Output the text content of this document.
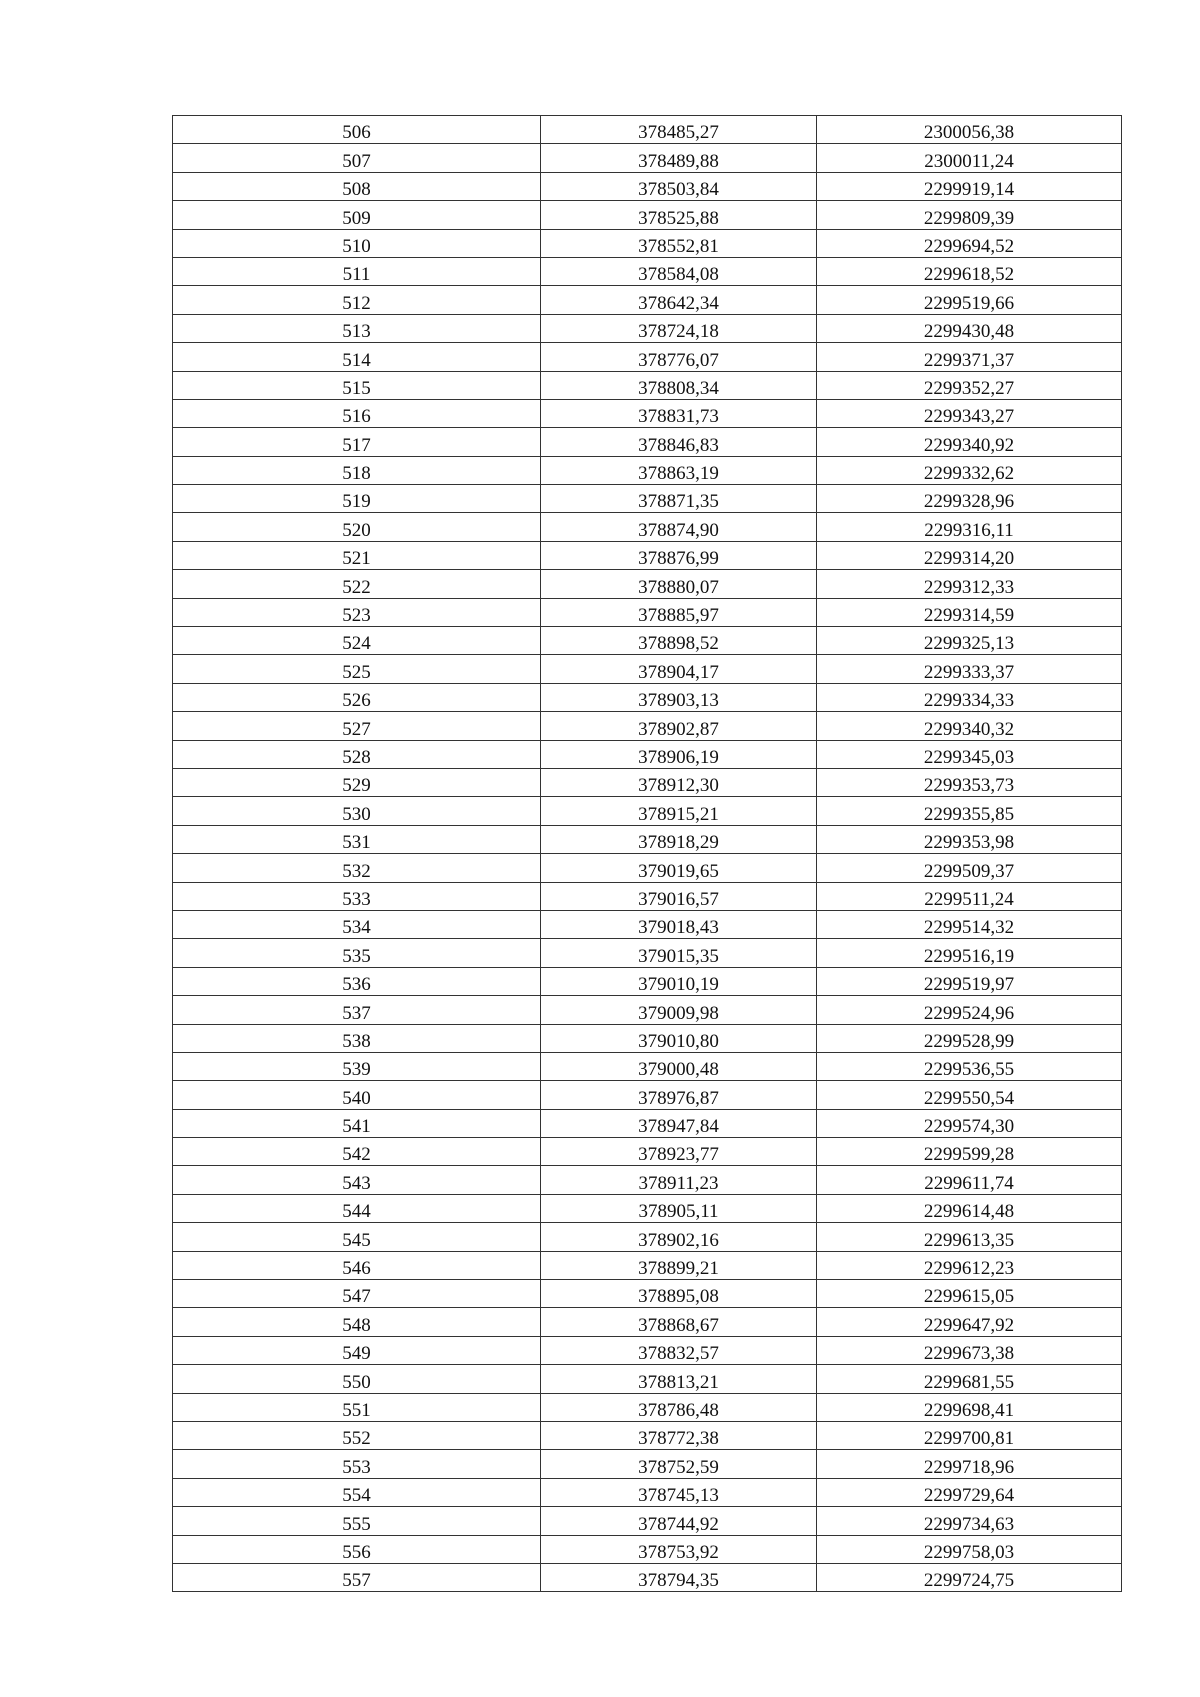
506	378485,27	2300056,38
507	378489,88	2300011,24
508	378503,84	2299919,14
509	378525,88	2299809,39
510	378552,81	2299694,52
511	378584,08	2299618,52
512	378642,34	2299519,66
513	378724,18	2299430,48
514	378776,07	2299371,37
515	378808,34	2299352,27
516	378831,73	2299343,27
517	378846,83	2299340,92
518	378863,19	2299332,62
519	378871,35	2299328,96
520	378874,90	2299316,11
521	378876,99	2299314,20
522	378880,07	2299312,33
523	378885,97	2299314,59
524	378898,52	2299325,13
525	378904,17	2299333,37
526	378903,13	2299334,33
527	378902,87	2299340,32
528	378906,19	2299345,03
529	378912,30	2299353,73
530	378915,21	2299355,85
531	378918,29	2299353,98
532	379019,65	2299509,37
533	379016,57	2299511,24
534	379018,43	2299514,32
535	379015,35	2299516,19
536	379010,19	2299519,97
537	379009,98	2299524,96
538	379010,80	2299528,99
539	379000,48	2299536,55
540	378976,87	2299550,54
541	378947,84	2299574,30
542	378923,77	2299599,28
543	378911,23	2299611,74
544	378905,11	2299614,48
545	378902,16	2299613,35
546	378899,21	2299612,23
547	378895,08	2299615,05
548	378868,67	2299647,92
549	378832,57	2299673,38
550	378813,21	2299681,55
551	378786,48	2299698,41
552	378772,38	2299700,81
553	378752,59	2299718,96
554	378745,13	2299729,64
555	378744,92	2299734,63
556	378753,92	2299758,03
557	378794,35	2299724,75
